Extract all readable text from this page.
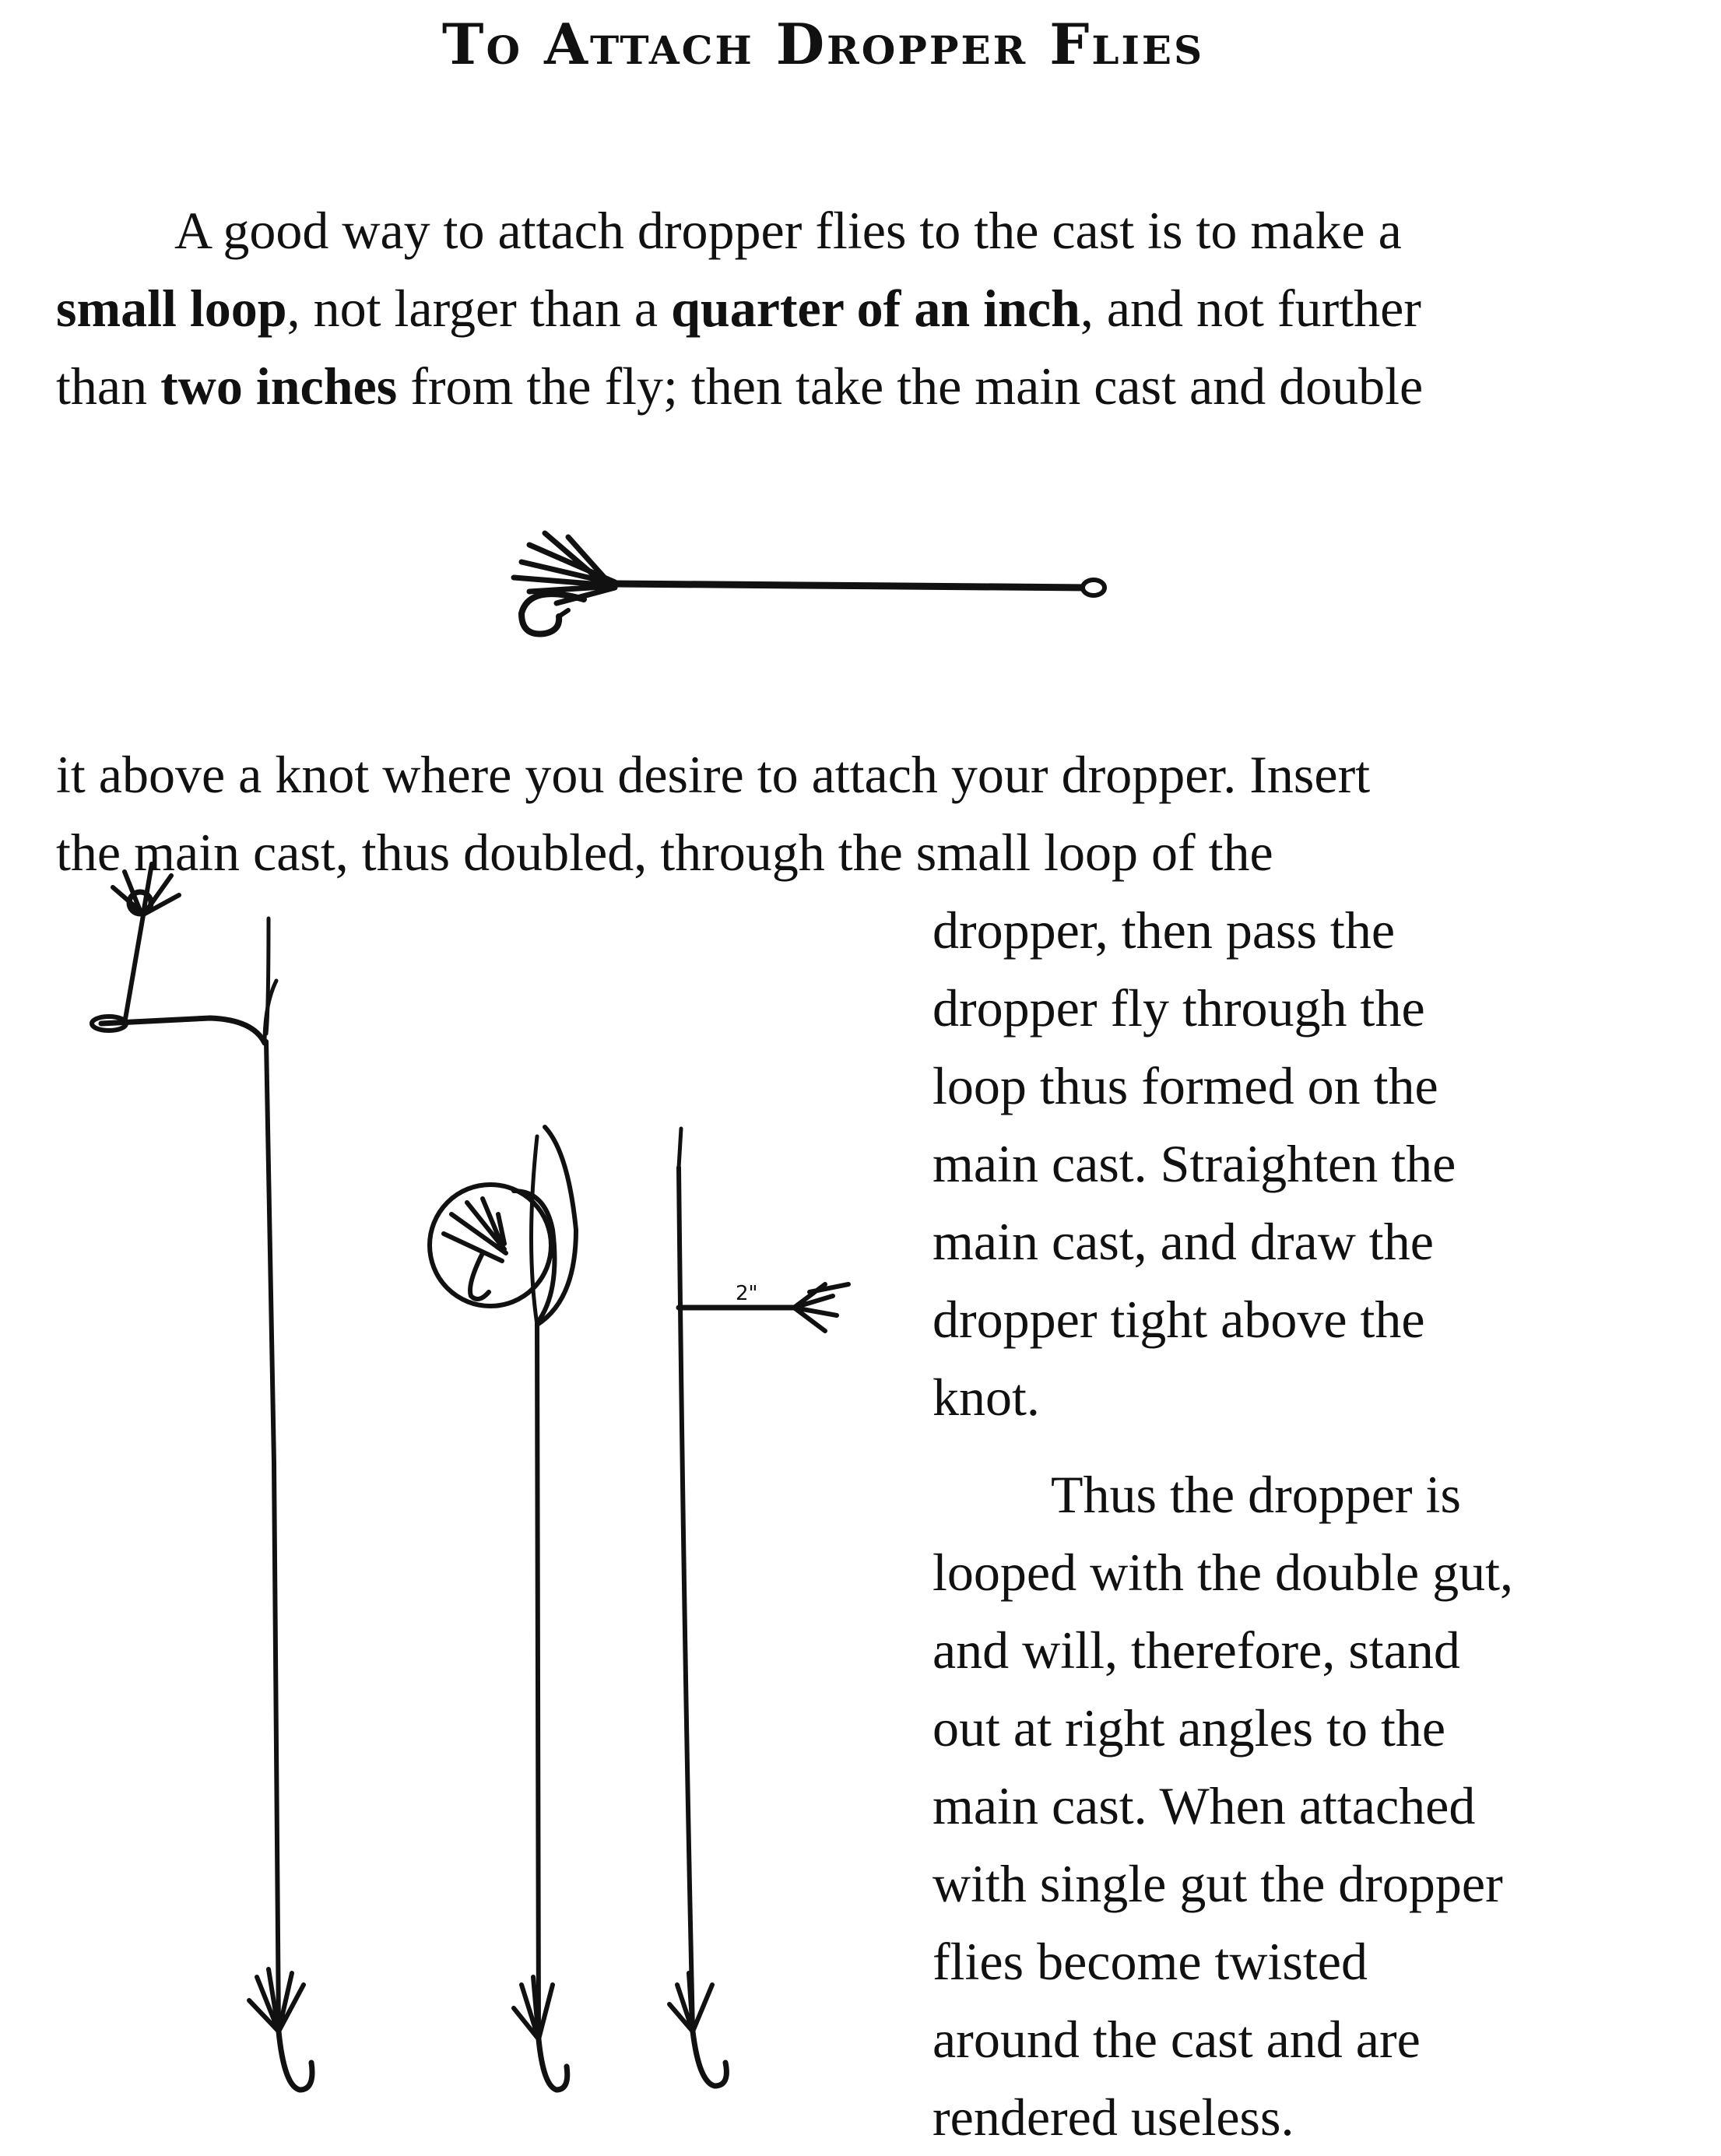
To Attach Dropper Flies

A good way to attach dropper flies to the cast is to make a
small loop, not larger than a quarter of an inch, and not further
than two inches from the fly; then take the main cast and double

it above a knot where you desire to attach your dropper. Insert
the main cast, thus doubled, through the small loop of the

2"

dropper, then pass the
dropper fly through the
loop thus formed on the
main cast. Straighten the
main cast, and draw the
dropper tight above the
knot.

Thus the dropper is
looped with the double gut,
and will, therefore, stand
out at right angles to the
main cast. When attached
with single gut the dropper
flies become twisted
around the cast and are
rendered useless.
